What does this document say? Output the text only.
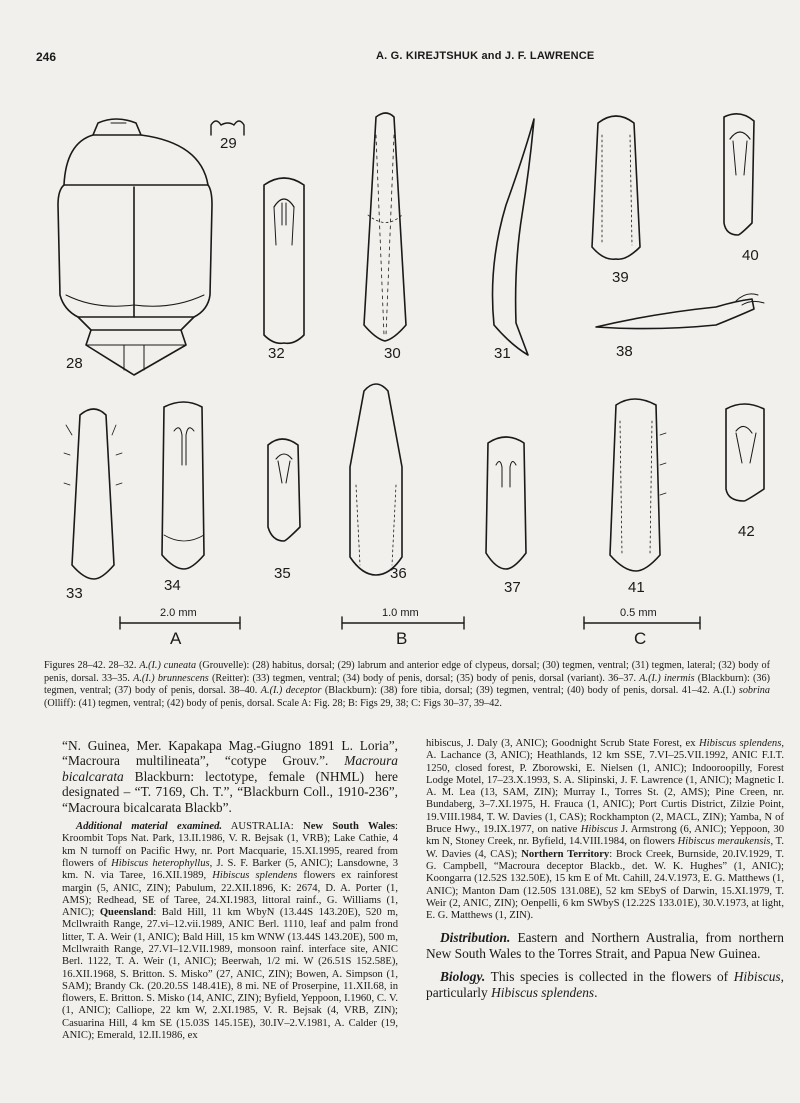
246	A. G. KIREJTSHUK and J. F. LAWRENCE
28
29
30	31
32
33	34
35	36
37
38
39
40
41
42
2.0 mm
A
1.0 mm
B
0.5 mm
C
Figures 28–42. 28–32. A.(I.) cuneata (Grouvelle): (28) habitus, dorsal; (29) labrum and anterior edge of clypeus, dorsal; (30) tegmen, ventral; (31) tegmen, lateral; (32) body of penis, dorsal. 33–35. A.(I.) brunnescens (Reitter): (33) tegmen, ventral; (34) body of penis, dorsal; (35) body of penis, dorsal (variant). 36–37. A.(I.) inermis (Blackburn): (36) tegmen, ventral; (37) body of penis, dorsal. 38–40. A.(I.) deceptor (Blackburn): (38) fore tibia, dorsal; (39) tegmen, ventral; (40) body of penis, dorsal. 41–42. A.(I.) sobrina (Olliff): (41) tegmen, ventral; (42) body of penis, dorsal. Scale A: Fig. 28; B: Figs 29, 38; C: Figs 30–37, 39–42.

“N. Guinea, Mer. Kapakapa Mag.-Giugno 1891 L. Loria”, “Macroura multilineata”, “cotype Grouv.”. Macroura bicalcarata Blackburn: lectotype, female (NHML) here designated – “T. 7169, Ch. T.”, “Blackburn Coll., 1910-236”, “Macroura bicalcarata Blackb”.

Additional material examined. AUSTRALIA: New South Wales: Kroombit Tops Nat. Park, 13.II.1986, V. R. Bejsak (1, VRB); Lake Cathie, 4 km N turnoff on Pacific Hwy, nr. Port Macquarie, 15.XI.1995, reared from flowers of Hibiscus heterophyllus, J. S. F. Barker (5, ANIC); Lansdowne, 3 km. N. via Taree, 16.XII.1989, Hibiscus splendens flowers ex rainforest margin (5, ANIC, ZIN); Pabulum, 22.XII.1896, K: 2674, D. A. Porter (1, AMS); Redhead, SE of Taree, 24.XI.1983, littoral rainf., G. Williams (1, ANIC); Queensland: Bald Hill, 11 km WbyN (13.44S 143.20E), 520 m, Mcllwraith Range, 27.vi–12.vii.1989, ANIC Berl. 1110, leaf and palm frond litter, T. A. Weir (1, ANIC); Bald Hill, 15 km WNW (13.44S 143.20E), 500 m, Mcllwraith Range, 27.VI–12.VII.1989, monsoon rainf. interface site, ANIC Berl. 1122, T. A. Weir (1, ANIC); Beerwah, 1/2 mi. W (26.51S 152.58E), 16.XII.1968, S. Britton. S. Misko” (27, ANIC, ZIN); Bowen, A. Simpson (1, SAM); Brandy Ck. (20.20.5S 148.41E), 8 mi. NE of Proserpine, 11.XII.68, in flowers, E. Britton. S. Misko (14, ANIC, ZIN); Byfield, Yeppoon, I.1960, C. V. (1, ANIC); Calliope, 22 km W, 2.XI.1985, V. R. Bejsak (4, VRB, ZIN); Casuarina Hill, 4 km SE (15.03S 145.15E), 30.IV–2.V.1981, A. Calder (19, ANIC); Emerald, 12.II.1986, ex

hibiscus, J. Daly (3, ANIC); Goodnight Scrub State Forest, ex Hibiscus splendens, A. Lachance (3, ANIC); Heathlands, 12 km SSE, 7.VI–25.VII.1992, ANIC F.I.T. 1250, closed forest, P. Zborowski, E. Nielsen (1, ANIC); Indooroopilly, Forest Lodge Motel, 17–23.X.1993, S. A. Slipinski, J. F. Lawrence (1, ANIC); Magnetic I. A. M. Lea (13, SAM, ZIN); Murray I., Torres St. (2, AMS); Pine Creen, nr. Bundaberg, 3–7.XI.1975, H. Frauca (1, ANIC); Port Curtis District, Zilzie Point, 19.VIII.1984, T. W. Davies (1, CAS); Rockhampton (2, MACL, ZIN); Yamba, N of Bruce Hwy., 19.IX.1977, on native Hibiscus J. Armstrong (6, ANIC); Yeppoon, 30 km N, Stoney Creek, nr. Byfield, 14.VIII.1984, on flowers Hibiscus meraukensis, T. W. Davies (4, CAS); Northern Territory: Brock Creek, Burnside, 20.IV.1929, T. G. Campbell, “Macroura deceptor Blackb., det. W. K. Hughes” (1, ANIC); Koongarra (12.52S 132.50E), 15 km E of Mt. Cahill, 24.V.1973, E. G. Matthews (1, ANIC); Manton Dam (12.50S 131.08E), 52 km SEbyS of Darwin, 15.XI.1979, T. Weir (2, ANIC, ZIN); Oenpelli, 6 km SWbyS (12.22S 133.01E), 30.V.1973, at light, E. G. Matthews (1, ZIN).

Distribution. Eastern and Northern Australia, from northern New South Wales to the Torres Strait, and Papua New Guinea.

Biology. This species is collected in the flowers of Hibiscus, particularly Hibiscus splendens.
